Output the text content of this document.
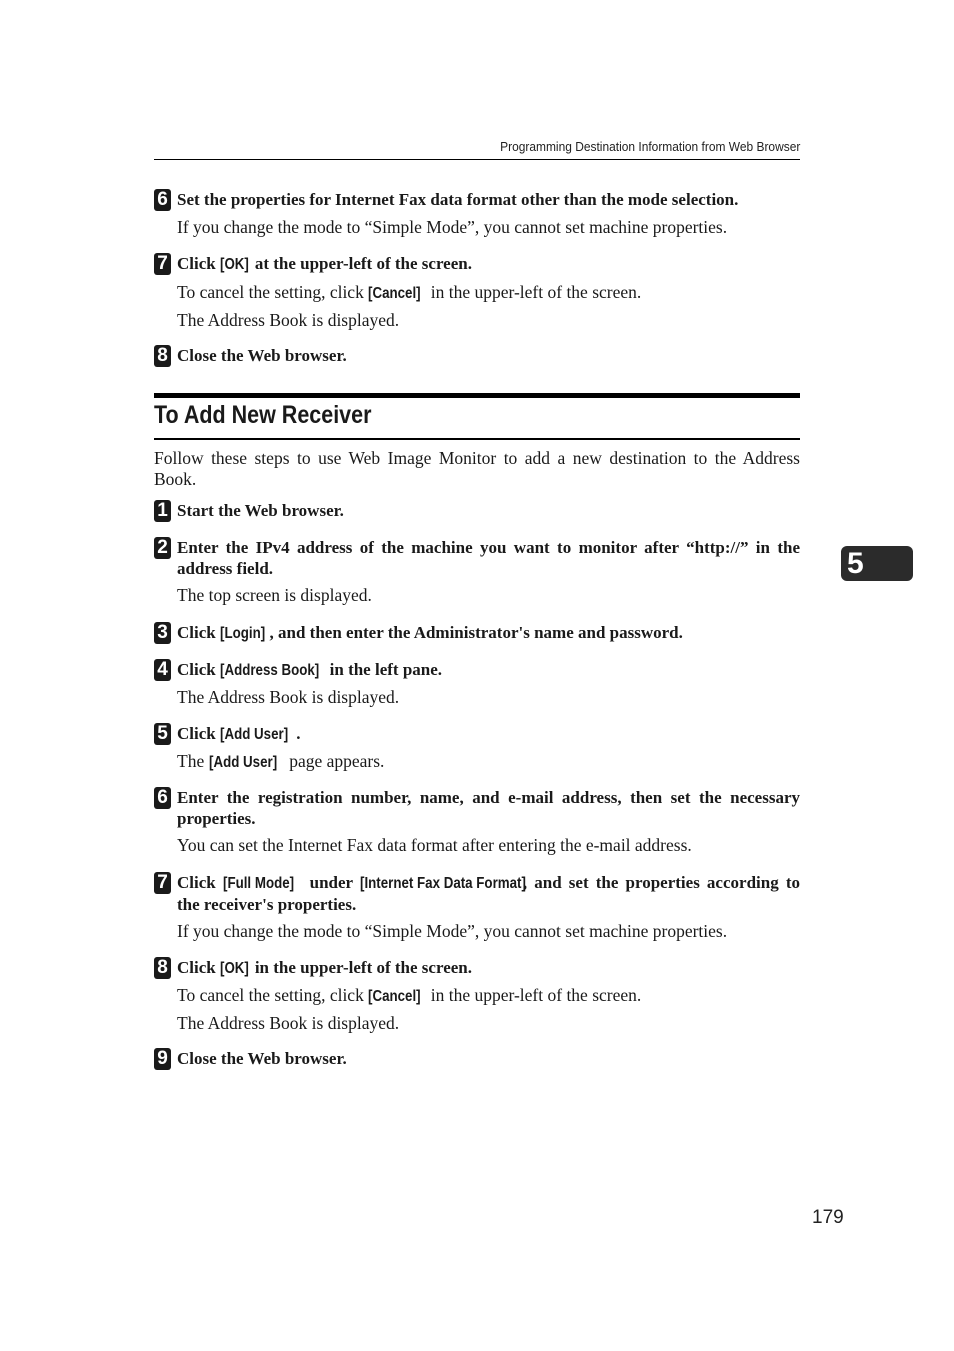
Programming Destination Information from Web Browser
6 Set the properties for Internet Fax data format other than the mode selection.
If you change the mode to “Simple Mode”, you cannot set machine properties.
7 Click [OK] at the upper-left of the screen.
To cancel the setting, click [Cancel] in the upper-left of the screen.
The Address Book is displayed.
8 Close the Web browser.
To Add New Receiver
Follow these steps to use Web Image Monitor to add a new destination to the Address Book.
1 Start the Web browser.
2 Enter the IPv4 address of the machine you want to monitor after “http://” in the address field.
The top screen is displayed.
3 Click [Login] , and then enter the Administrator's name and password.
4 Click [Address Book] in the left pane.
The Address Book is displayed.
5 Click [Add User] .
The [Add User] page appears.
6 Enter the registration number, name, and e-mail address, then set the necessary properties.
You can set the Internet Fax data format after entering the e-mail address.
7 Click [Full Mode] under [Internet Fax Data Format], and set the properties according to the receiver's properties.
If you change the mode to “Simple Mode”, you cannot set machine properties.
8 Click [OK] in the upper-left of the screen.
To cancel the setting, click [Cancel] in the upper-left of the screen.
The Address Book is displayed.
9 Close the Web browser.
5
179
